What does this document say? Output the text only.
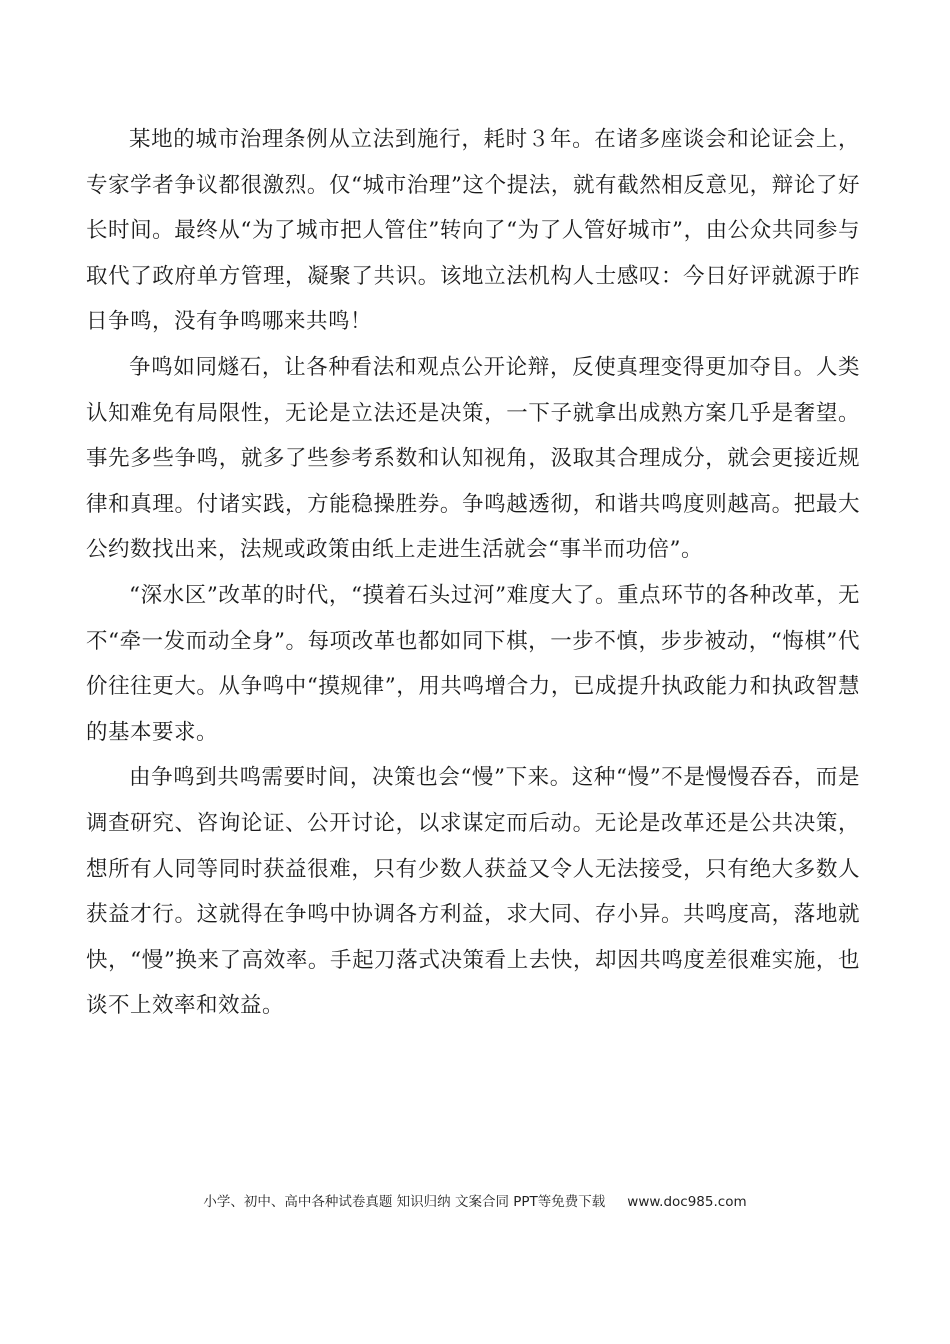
某地的城市治理条例从立法到施行，耗时３年。在诸多座谈会和论证会上，专家学者争议都很激烈。仅“城市治理”这个提法，就有截然相反意见，辩论了好长时间。最终从“为了城市把人管住”转向了“为了人管好城市”，由公众共同参与取代了政府单方管理，凝聚了共识。该地立法机构人士感叹：今日好评就源于昨日争鸣，没有争鸣哪来共鸣！

争鸣如同燧石，让各种看法和观点公开论辩，反使真理变得更加夺目。人类认知难免有局限性，无论是立法还是决策，一下子就拿出成熟方案几乎是奢望。事先多些争鸣，就多了些参考系数和认知视角，汲取其合理成分，就会更接近规律和真理。付诸实践，方能稳操胜券。争鸣越透彻，和谐共鸣度则越高。把最大公约数找出来，法规或政策由纸上走进生活就会“事半而功倍”。

“深水区”改革的时代，“摸着石头过河”难度大了。重点环节的各种改革，无不“牵一发而动全身”。每项改革也都如同下棋，一步不慎，步步被动，“悔棋”代价往往更大。从争鸣中“摸规律”，用共鸣增合力，已成提升执政能力和执政智慧的基本要求。

由争鸣到共鸣需要时间，决策也会“慢”下来。这种“慢”不是慢慢吞吞，而是调查研究、咨询论证、公开讨论，以求谋定而后动。无论是改革还是公共决策，想所有人同等同时获益很难，只有少数人获益又令人无法接受，只有绝大多数人获益才行。这就得在争鸣中协调各方利益，求大同、存小异。共鸣度高，落地就快，“慢”换来了高效率。手起刀落式决策看上去快，却因共鸣度差很难实施，也谈不上效率和效益。

小学、初中、高中各种试卷真题 知识归纳 文案合同 PPT等免费下载 www.doc985.com
